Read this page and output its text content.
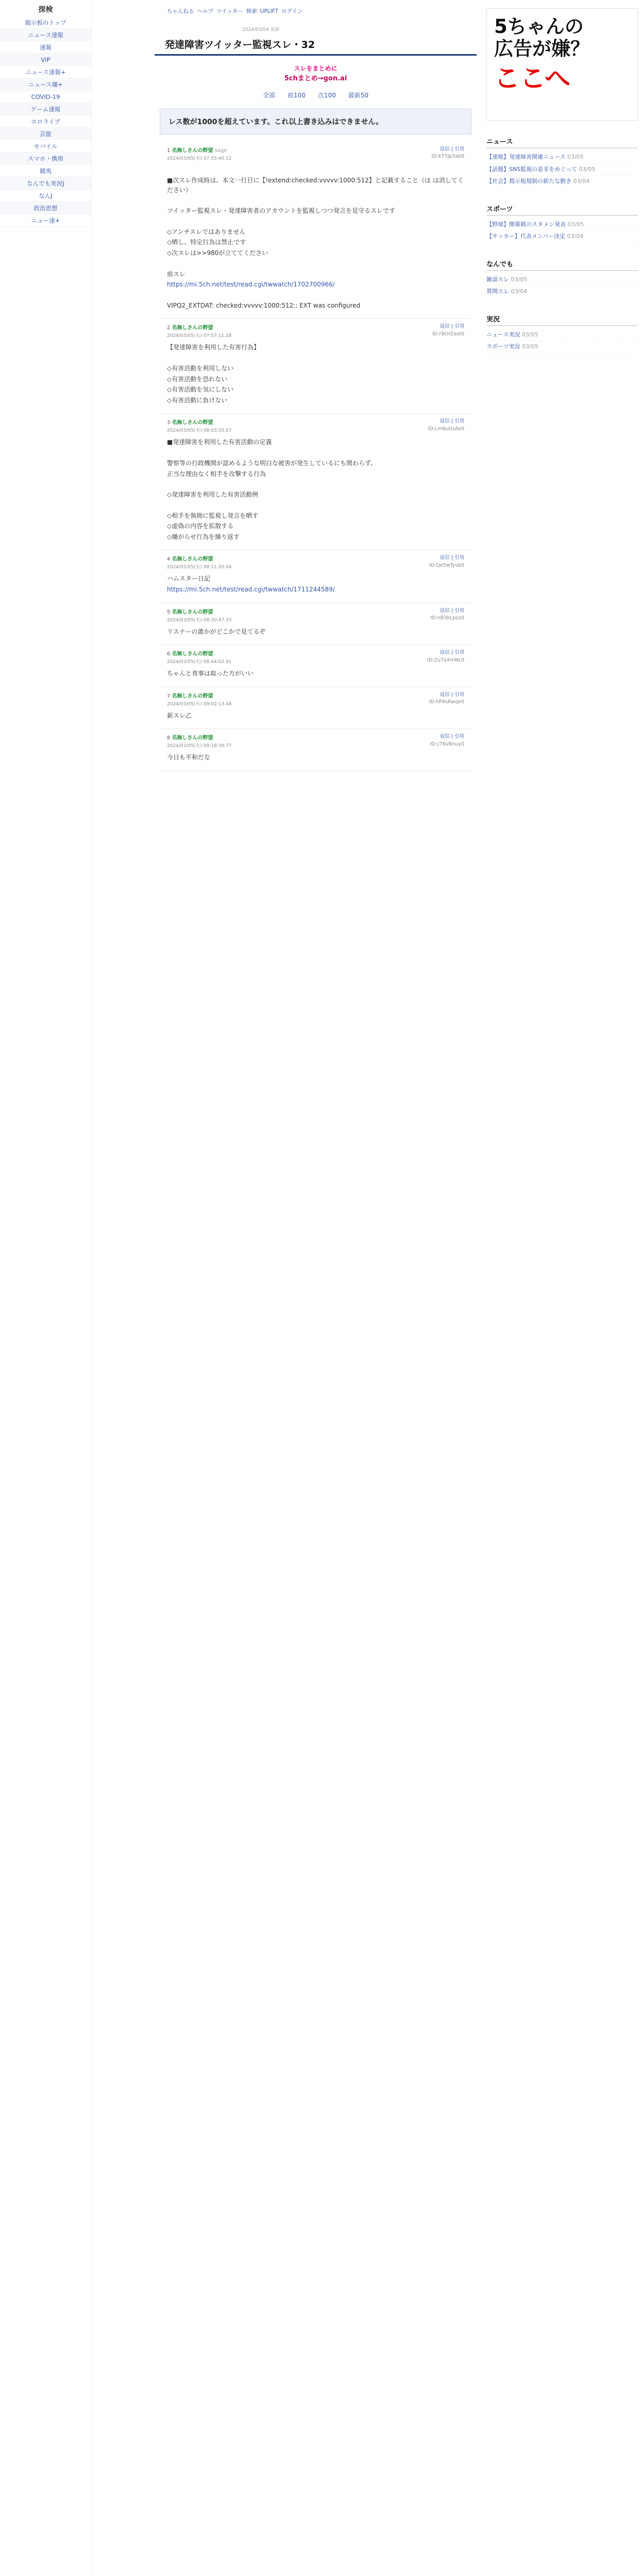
探検
掲示板のトップ
ニュース速報
速報
VIP
ニュース速報+
ニュース嫌+
COVID-19
ゲーム速報
ホロライブ
芸能
モバイル
スマホ・携帯
競馬
なんでも実況J
なんJ
政治思想
ニュー速+
ちゃんねる ヘルプ ツイッター 検索 UPLIFT ログイン
2024/03/04 更新
発達障害ツイッター監視スレ・32
スレをまとめに
5chまとめ→gon.ai
全部 前100 次100 最新50
レス数が1000を超えています。これ以上書き込みはできません。
1 名無しさんの野望 sage
2024/03/05(火) 07:55:40.12
返信 | 引用
ID:kT7Jp3ab0
■次スレ作成時は、本文一行目に【!extend:checked:vvvvv:1000:512】と記載すること（ほ は消してください）
ツイッター監視スレ・発達障害者のアカウントを監視しつつ発言を見守るスレです
◇アンチスレではありません
◇晒し、特定行為は禁止です
◇次スレは>>980が立ててください
前スレ
https://mi.5ch.net/test/read.cgi/twwatch/1702700966/
VIPQ2_EXTDAT: checked:vvvvv:1000:512:: EXT was configured
2 名無しさんの野望
2024/03/05(火) 07:57:11.28
返信 | 引用
ID:r9cH2sxt0
【発達障害を利用した有害行為】
◇有害活動を利用しない
◇有害活動を恐れない
◇有害活動を気にしない
◇有害活動に負けない
3 名無しさんの野望
2024/03/05(火) 08:03:55.67
返信 | 引用
ID:Lm8uGsAe0
■発達障害を利用した有害活動の定義
警察等の行政機関が認めるような明白な被害が発生しているにも関わらず、
正当な理由なく相手を攻撃する行為
◇発達障害を利用した有害活動例
◇相手を執拗に監視し発言を晒す
◇虚偽の内容を拡散する
◇嫌がらせ行為を繰り返す
4 名無しさんの野望
2024/03/05(火) 08:11:20.04
返信 | 引用
ID:Qe5wTyvb0
ハムスター日記
https://mi.5ch.net/test/read.cgi/twwatch/1711244589/
5 名無しさんの野望
2024/03/05(火) 08:30:47.33
返信 | 引用
ID:nB3kLpoz0
リスナーの誰かがどこかで見てるぞ
6 名無しさんの野望
2024/03/05(火) 08:44:02.91
返信 | 引用
ID:Zu7aXmNc0
ちゃんと食事は取った方がいい
7 名無しさんの野望
2024/03/05(火) 09:02:13.48
返信 | 引用
ID:hP4sRwqe0
新スレ乙
8 名無しさんの野望
2024/03/05(火) 09:18:39.77
返信 | 引用
ID:cT6vBnuy0
今日も平和だな
5ちゃんの
広告が嫌？
ここへ
ニュース
【速報】発達障害関連ニュース 03/05
【話題】SNS監視の是非をめぐって 03/05
【社会】掲示板規制の新たな動き 03/04
スポーツ
【野球】開幕戦のスタメン発表 03/05
【サッカー】代表メンバー決定 03/04
なんでも
雑談スレ 03/05
質問スレ 03/04
実況
ニュース実況 03/05
スポーツ実況 03/05
